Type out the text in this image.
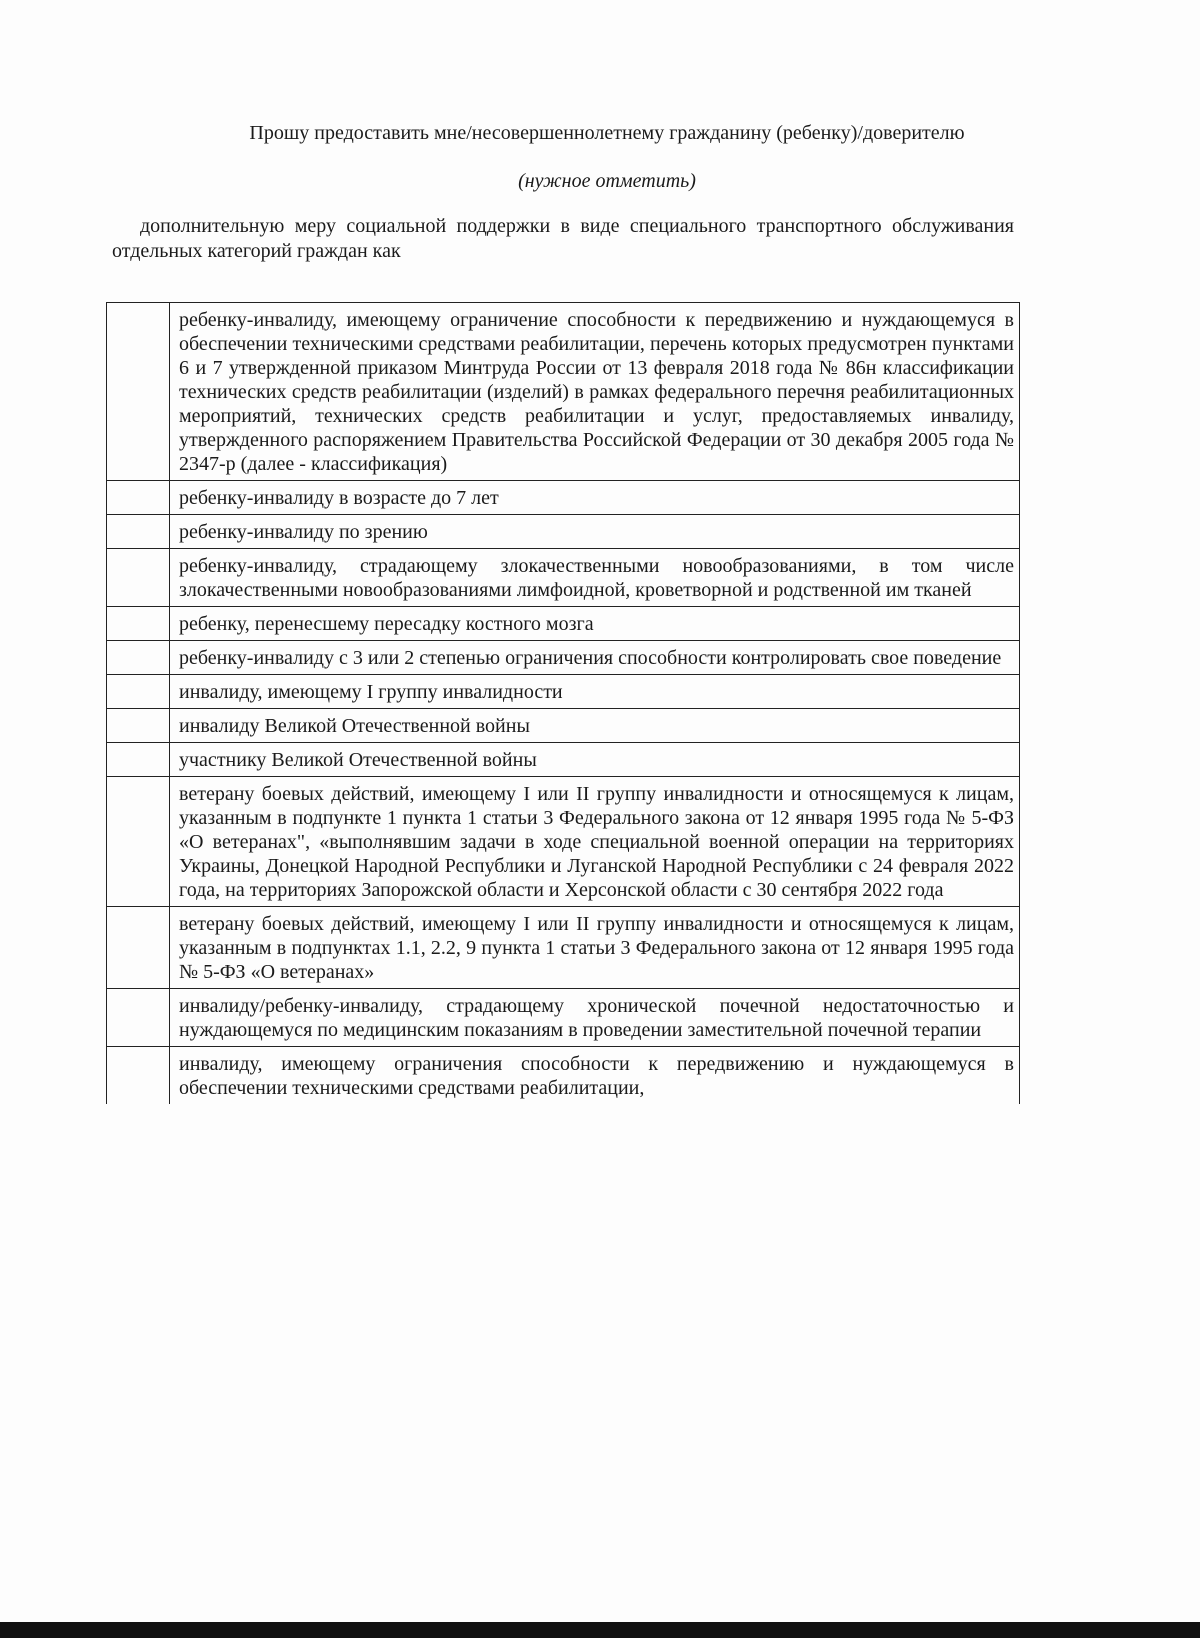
Прошу предоставить мне/несовершеннолетнему гражданину (ребенку)/доверителю
(нужное отметить)

дополнительную меру социальной поддержки в виде специального транспортного обслуживания отдельных категорий граждан как

	ребенку-инвалиду, имеющему ограничение способности к передвижению и нуждающемуся в обеспечении техническими средствами реабилитации, перечень которых предусмотрен пунктами 6 и 7 утвержденной приказом Минтруда России от 13 февраля 2018 года № 86н классификации технических средств реабилитации (изделий) в рамках федерального перечня реабилитационных мероприятий, технических средств реабилитации и услуг, предоставляемых инвалиду, утвержденного распоряжением Правительства Российской Федерации от 30 декабря 2005 года № 2347-р (далее - классификация)
	ребенку-инвалиду в возрасте до 7 лет
	ребенку-инвалиду по зрению
	ребенку-инвалиду, страдающему злокачественными новообразованиями, в том числе злокачественными новообразованиями лимфоидной, кроветворной и родственной им тканей
	ребенку, перенесшему пересадку костного мозга
	ребенку-инвалиду с 3 или 2 степенью ограничения способности контролировать свое поведение
	инвалиду, имеющему I группу инвалидности
	инвалиду Великой Отечественной войны
	участнику Великой Отечественной войны
	ветерану боевых действий, имеющему I или II группу инвалидности и относящемуся к лицам, указанным в подпункте 1 пункта 1 статьи 3 Федерального закона от 12 января 1995 года № 5-ФЗ «О ветеранах", «выполнявшим задачи в ходе специальной военной операции на территориях Украины, Донецкой Народной Республики и Луганской Народной Республики с 24 февраля 2022 года, на территориях Запорожской области и Херсонской области с 30 сентября 2022 года
	ветерану боевых действий, имеющему I или II группу инвалидности и относящемуся к лицам, указанным в подпунктах 1.1, 2.2, 9 пункта 1 статьи 3 Федерального закона от 12 января 1995 года № 5-ФЗ «О ветеранах»
	инвалиду/ребенку-инвалиду, страдающему хронической почечной недостаточностью и нуждающемуся по медицинским показаниям в проведении заместительной почечной терапии
	инвалиду, имеющему ограничения способности к передвижению и нуждающемуся в обеспечении техническими средствами реабилитации,
